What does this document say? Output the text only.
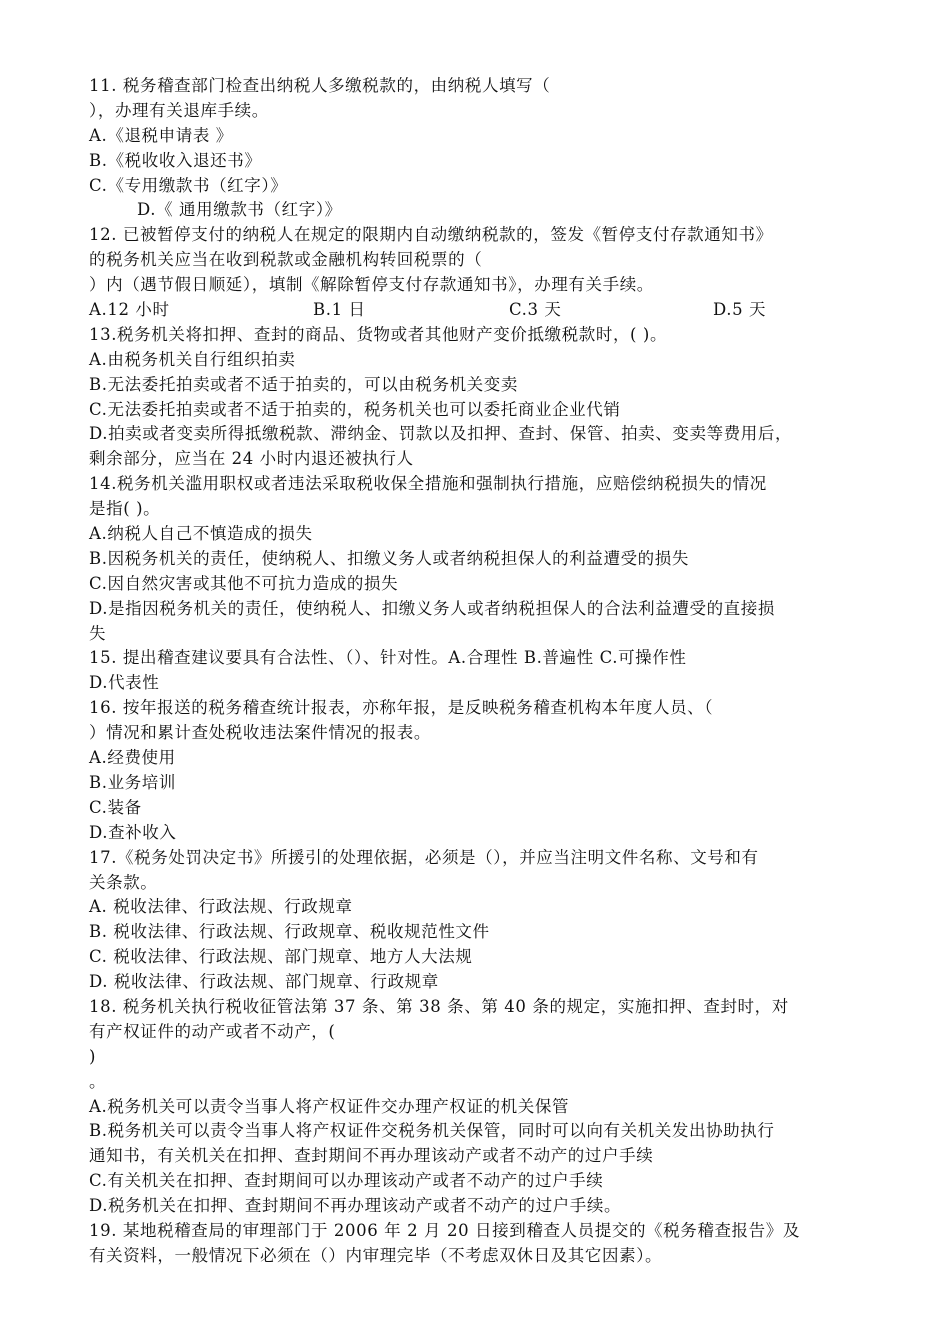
11. 税务稽查部门检查出纳税人多缴税款的，由纳税人填写（
），办理有关退库手续。
A.《退税申请表 》
B.《税收收入退还书》
C.《专用缴款书（红字）》
D.《 通用缴款书（红字）》
12. 已被暂停支付的纳税人在规定的限期内自动缴纳税款的，签发《暂停支付存款通知书》
的税务机关应当在收到税款或金融机构转回税票的（
）内（遇节假日顺延），填制《解除暂停支付存款通知书》，办理有关手续。
A.12 小时	B.1 日	C.3 天	D.5 天
13.税务机关将扣押、查封的商品、货物或者其他财产变价抵缴税款时，( )。
A.由税务机关自行组织拍卖
B.无法委托拍卖或者不适于拍卖的，可以由税务机关变卖
C.无法委托拍卖或者不适于拍卖的，税务机关也可以委托商业企业代销
D.拍卖或者变卖所得抵缴税款、滞纳金、罚款以及扣押、查封、保管、拍卖、变卖等费用后，
剩余部分，应当在 24 小时内退还被执行人
14.税务机关滥用职权或者违法采取税收保全措施和强制执行措施，应赔偿纳税损失的情况
是指( )。
A.纳税人自己不慎造成的损失
B.因税务机关的责任，使纳税人、扣缴义务人或者纳税担保人的利益遭受的损失
C.因自然灾害或其他不可抗力造成的损失
D.是指因税务机关的责任，使纳税人、扣缴义务人或者纳税担保人的合法利益遭受的直接损
失
15. 提出稽查建议要具有合法性、（）、针对性。A.合理性 B.普遍性 C.可操作性
D.代表性
16. 按年报送的税务稽查统计报表，亦称年报，是反映税务稽查机构本年度人员、（
）情况和累计查处税收违法案件情况的报表。
A.经费使用
B.业务培训
C.装备
D.查补收入
17.《税务处罚决定书》所援引的处理依据，必须是（），并应当注明文件名称、文号和有
关条款。
A. 税收法律、行政法规、行政规章
B. 税收法律、行政法规、行政规章、税收规范性文件
C. 税收法律、行政法规、部门规章、地方人大法规
D. 税收法律、行政法规、部门规章、行政规章
18. 税务机关执行税收征管法第 37 条、第 38 条、第 40 条的规定，实施扣押、查封时，对
有产权证件的动产或者不动产，(
)
。
A.税务机关可以责令当事人将产权证件交办理产权证的机关保管
B.税务机关可以责令当事人将产权证件交税务机关保管，同时可以向有关机关发出协助执行
通知书，有关机关在扣押、查封期间不再办理该动产或者不动产的过户手续
C.有关机关在扣押、查封期间可以办理该动产或者不动产的过户手续
D.税务机关在扣押、查封期间不再办理该动产或者不动产的过户手续。
19. 某地税稽查局的审理部门于 2006 年 2 月 20 日接到稽查人员提交的《税务稽查报告》及
有关资料，一般情况下必须在（）内审理完毕（不考虑双休日及其它因素）。
